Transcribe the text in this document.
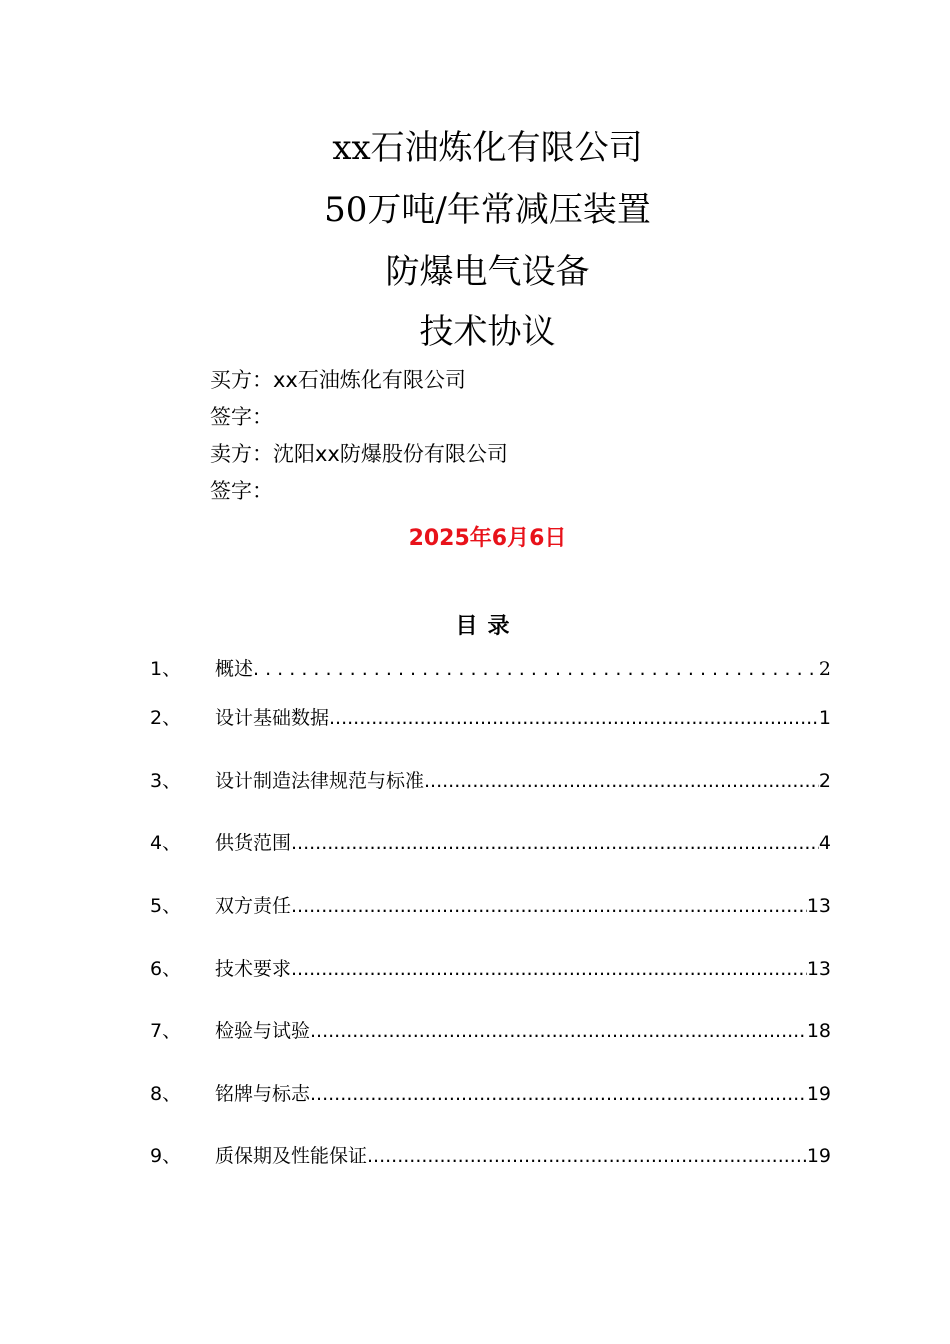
xx石油炼化有限公司
50万吨/年常减压装置
防爆电气设备
技术协议
买方：xx石油炼化有限公司
签字：
卖方：沈阳xx防爆股份有限公司
签字：
2025年6月6日
目录
1、 概述 . . .	2
2、 设计基础数据 .....	1
3、 设计制造法律规范与标准 .....	2
4、 供货范围 .....	4
5、 双方责任 .....	13
6、 技术要求 .....	13
7、 检验与试验 .....	18
8、 铭牌与标志 .....	19
9、 质保期及性能保证 .....	19
